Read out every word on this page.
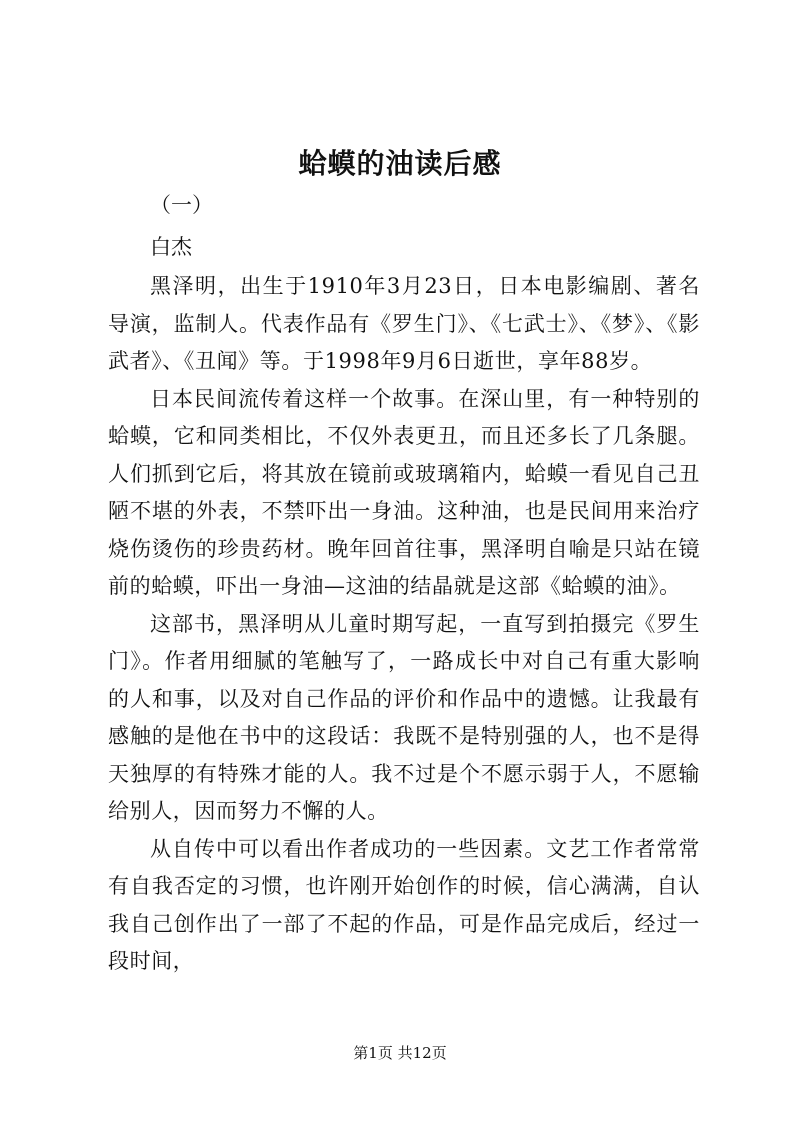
蛤蟆的油读后感
（一）
白杰

黑泽明，出生于1910年3月23日，日本电影编剧、著名导演，监制人。代表作品有《罗生门》、《七武士》、《梦》、《影武者》、《丑闻》等。于1998年9月6日逝世，享年88岁。

日本民间流传着这样一个故事。在深山里，有一种特别的蛤蟆，它和同类相比，不仅外表更丑，而且还多长了几条腿。人们抓到它后，将其放在镜前或玻璃箱内，蛤蟆一看见自己丑陋不堪的外表，不禁吓出一身油。这种油，也是民间用来治疗烧伤烫伤的珍贵药材。晚年回首往事，黑泽明自喻是只站在镜前的蛤蟆，吓出一身油—这油的结晶就是这部《蛤蟆的油》。

这部书，黑泽明从儿童时期写起，一直写到拍摄完《罗生门》。作者用细腻的笔触写了，一路成长中对自己有重大影响的人和事，以及对自己作品的评价和作品中的遗憾。让我最有感触的是他在书中的这段话：我既不是特别强的人，也不是得天独厚的有特殊才能的人。我不过是个不愿示弱于人，不愿输给别人，因而努力不懈的人。

从自传中可以看出作者成功的一些因素。文艺工作者常常有自我否定的习惯，也许刚开始创作的时候，信心满满，自认我自己创作出了一部了不起的作品，可是作品完成后，经过一段时间，

第1页 共12页
